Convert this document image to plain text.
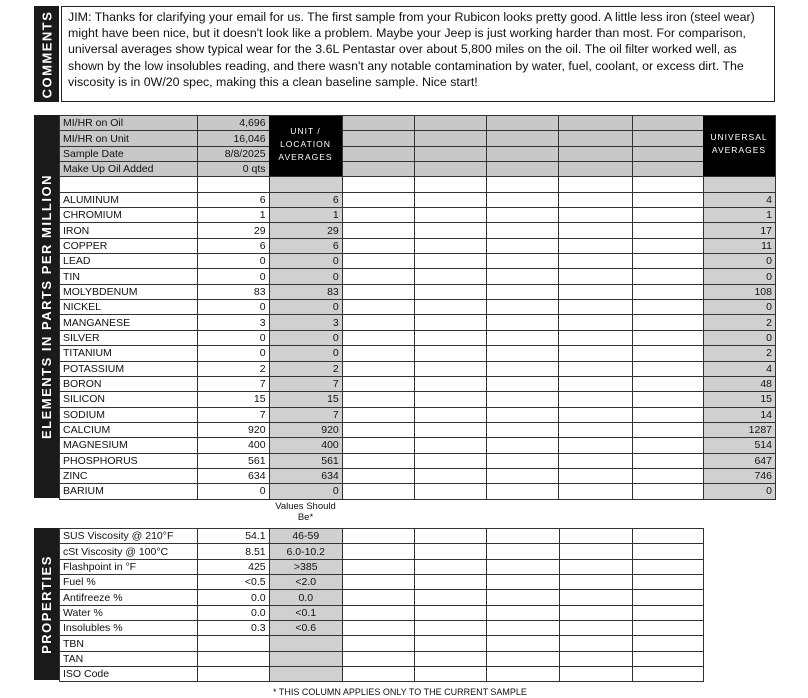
COMMENTS	JIM: Thanks for clarifying your email for us. The first sample from your Rubicon looks pretty good. A little less iron (steel wear) might have been nice, but it doesn't look like a problem. Maybe your Jeep is just working harder than most. For comparison, universal averages show typical wear for the 3.6L Pentastar over about 5,800 miles on the oil. The oil filter worked well, as shown by the low insolubles reading, and there wasn't any notable contamination by water, fuel, coolant, or excess dirt. The viscosity is in 0W/20 spec, making this a clean baseline sample. Nice start!
ELEMENTS IN PARTS PER MILLION
MI/HR on Oil	4,696							
MI/HR on Unit	16,046							
Sample Date	8/8/2025							
Make Up Oil Added	0 qts							

ALUMINUM	6	6						4
CHROMIUM	1	1						1
IRON	29	29						17
COPPER	6	6						11
LEAD	0	0						0
TIN	0	0						0
MOLYBDENUM	83	83						108
NICKEL	0	0						0
MANGANESE	3	3						2
SILVER	0	0						0
TITANIUM	0	0						2
POTASSIUM	2	2						4
BORON	7	7						48
SILICON	15	15						15
SODIUM	7	7						14
CALCIUM	920	920						1287
MAGNESIUM	400	400						514
PHOSPHORUS	561	561						647
ZINC	634	634						746
BARIUM	0	0						0
UNIT / LOCATION AVERAGES
UNIVERSAL AVERAGES
Values Should Be*
PROPERTIES
SUS Viscosity @ 210°F	54.1	46-59					
cSt Viscosity @ 100°C	8.51	6.0-10.2					
Flashpoint in °F	425	>385					
Fuel %	<0.5	<2.0					
Antifreeze %	0.0	0.0					
Water %	0.0	<0.1					
Insolubles %	0.3	<0.6					
TBN							
TAN							
ISO Code							
* THIS COLUMN APPLIES ONLY TO THE CURRENT SAMPLE
